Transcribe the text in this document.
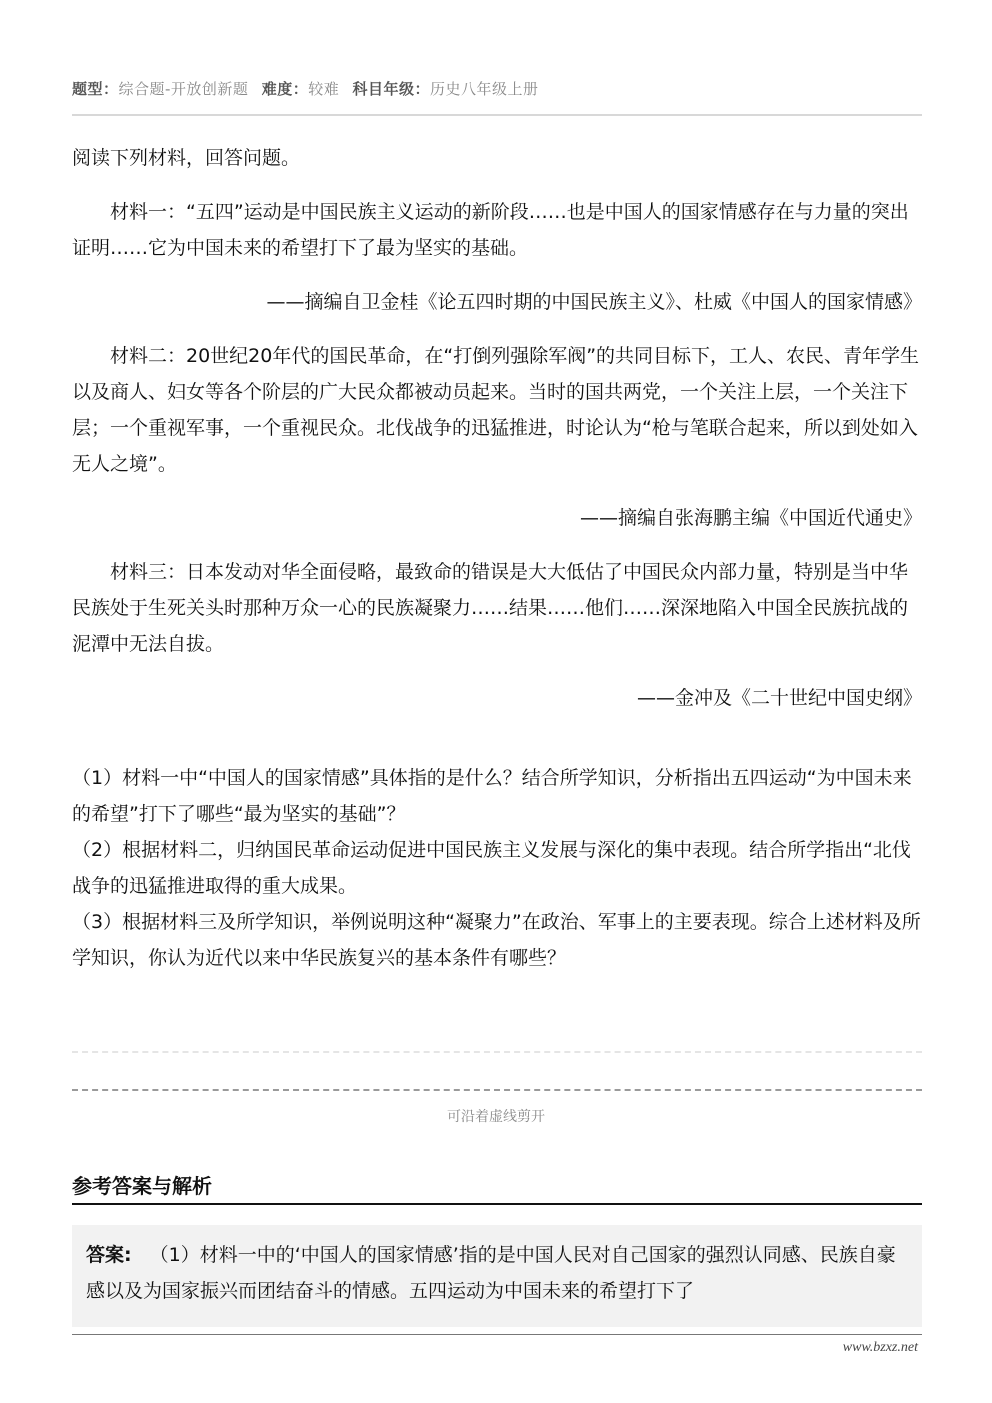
题型：综合题-开放创新题 难度：较难 科目年级：历史八年级上册

阅读下列材料，回答问题。

材料一：“五四”运动是中国民族主义运动的新阶段……也是中国人的国家情感存在与力量的突出证明……它为中国未来的希望打下了最为坚实的基础。

——摘编自卫金桂《论五四时期的中国民族主义》、杜威《中国人的国家情感》

材料二：20世纪20年代的国民革命，在“打倒列强除军阀”的共同目标下，工人、农民、青年学生以及商人、妇女等各个阶层的广大民众都被动员起来。当时的国共两党，一个关注上层，一个关注下层；一个重视军事，一个重视民众。北伐战争的迅猛推进，时论认为“枪与笔联合起来，所以到处如入无人之境”。

——摘编自张海鹏主编《中国近代通史》

材料三：日本发动对华全面侵略，最致命的错误是大大低估了中国民众内部力量，特别是当中华民族处于生死关头时那种万众一心的民族凝聚力……结果……他们……深深地陷入中国全民族抗战的泥潭中无法自拔。

——金冲及《二十世纪中国史纲》

（1）材料一中“中国人的国家情感”具体指的是什么？结合所学知识，分析指出五四运动“为中国未来的希望”打下了哪些“最为坚实的基础”？

（2）根据材料二，归纳国民革命运动促进中国民族主义发展与深化的集中表现。结合所学指出“北伐战争的迅猛推进取得的重大成果。

（3）根据材料三及所学知识，举例说明这种“凝聚力”在政治、军事上的主要表现。综合上述材料及所学知识，你认为近代以来中华民族复兴的基本条件有哪些？

可沿着虚线剪开
参考答案与解析
答案: （1）材料一中的‘中国人的国家情感’指的是中国人民对自己国家的强烈认同感、民族自豪感以及为国家振兴而团结奋斗的情感。五四运动为中国未来的希望打下了
www.bzxz.net
